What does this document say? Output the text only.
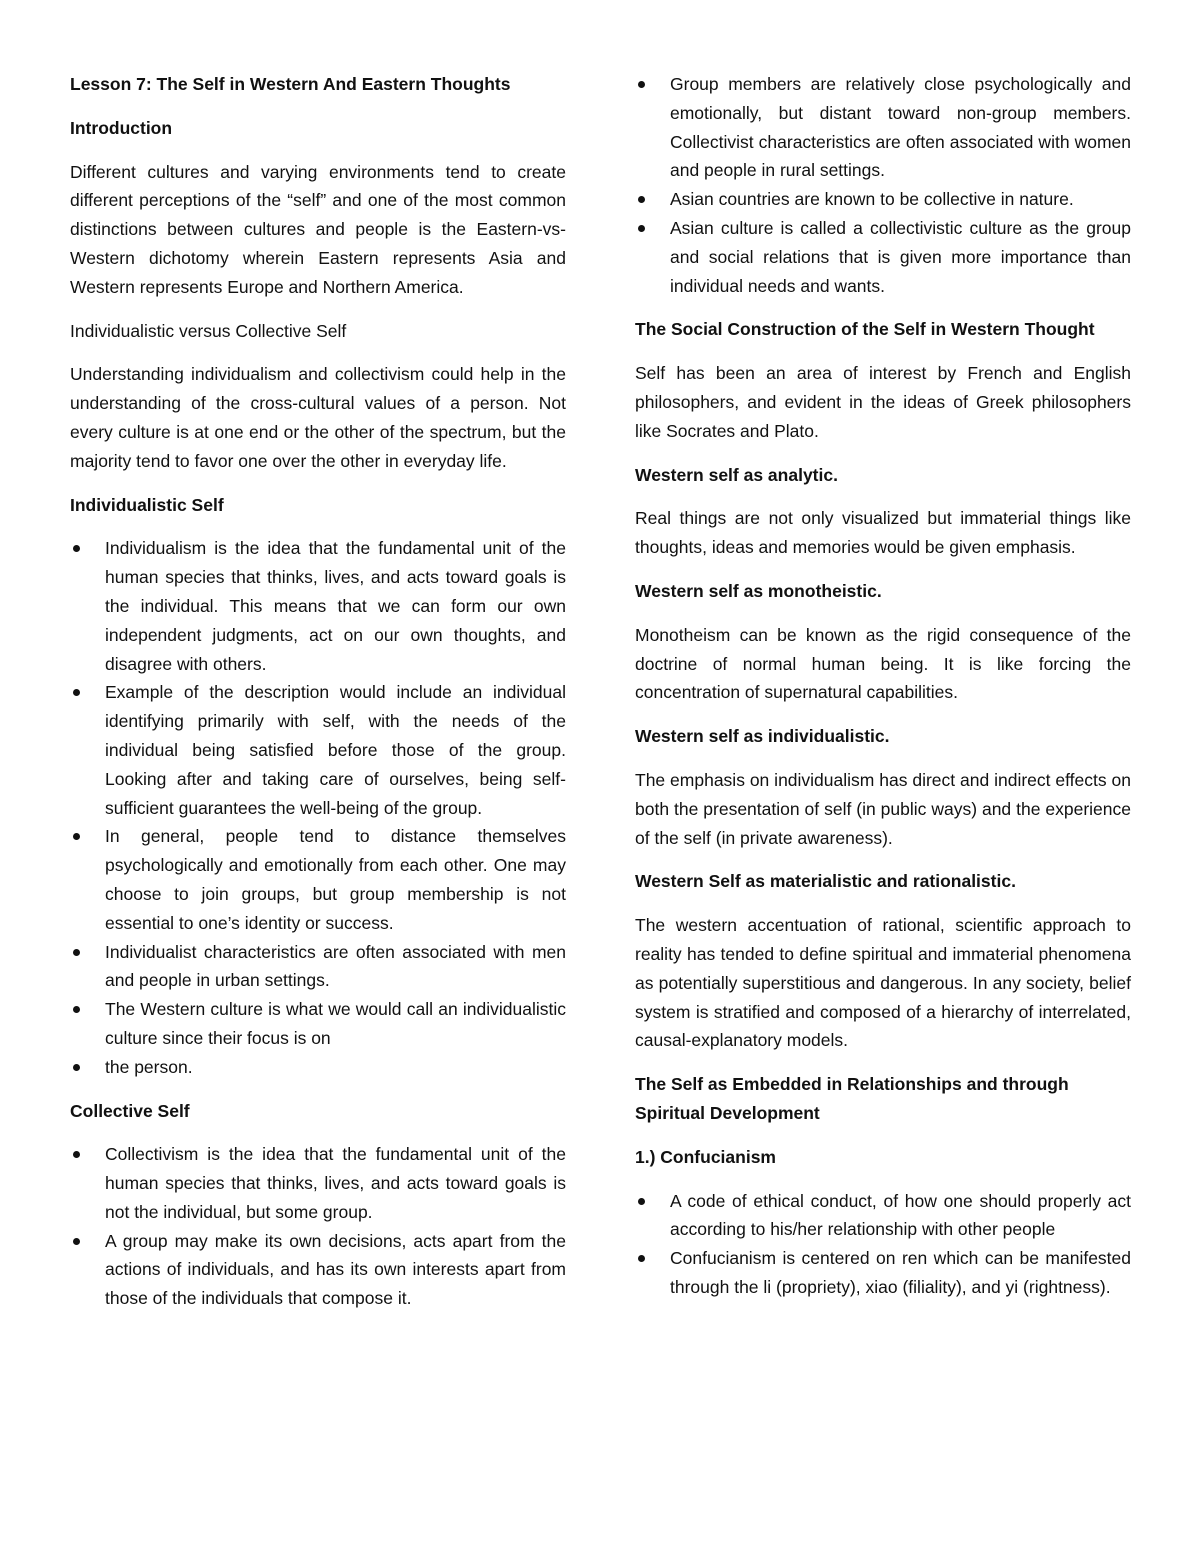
Lesson 7: The Self in Western And Eastern Thoughts

Introduction

Different cultures and varying environments tend to create different perceptions of the “self” and one of the most common distinctions between cultures and people is the Eastern-vs-Western dichotomy wherein Eastern represents Asia and Western represents Europe and Northern America.

Individualistic versus Collective Self

Understanding individualism and collectivism could help in the understanding of the cross-cultural values of a person. Not every culture is at one end or the other of the spectrum, but the majority tend to favor one over the other in everyday life.

Individualistic Self

Individualism is the idea that the fundamental unit of the human species that thinks, lives, and acts toward goals is the individual. This means that we can form our own independent judgments, act on our own thoughts, and disagree with others.
Example of the description would include an individual identifying primarily with self, with the needs of the individual being satisfied before those of the group. Looking after and taking care of ourselves, being self-sufficient guarantees the well-being of the group.
In general, people tend to distance themselves psychologically and emotionally from each other. One may choose to join groups, but group membership is not essential to one’s identity or success.
Individualist characteristics are often associated with men and people in urban settings.
The Western culture is what we would call an individualistic culture since their focus is on
the person.

Collective Self

Collectivism is the idea that the fundamental unit of the human species that thinks, lives, and acts toward goals is not the individual, but some group.
A group may make its own decisions, acts apart from the actions of individuals, and has its own interests apart from those of the individuals that compose it.
Group members are relatively close psychologically and emotionally, but distant toward non-group members. Collectivist characteristics are often associated with women and people in rural settings.
Asian countries are known to be collective in nature.
Asian culture is called a collectivistic culture as the group and social relations that is given more importance than individual needs and wants.

The Social Construction of the Self in Western Thought

Self has been an area of interest by French and English philosophers, and evident in the ideas of Greek philosophers like Socrates and Plato.

Western self as analytic.

Real things are not only visualized but immaterial things like thoughts, ideas and memories would be given emphasis.

Western self as monotheistic.

Monotheism can be known as the rigid consequence of the doctrine of normal human being. It is like forcing the concentration of supernatural capabilities.

Western self as individualistic.

The emphasis on individualism has direct and indirect effects on both the presentation of self (in public ways) and the experience of the self (in private awareness).

Western Self as materialistic and rationalistic.

The western accentuation of rational, scientific approach to reality has tended to define spiritual and immaterial phenomena as potentially superstitious and dangerous. In any society, belief system is stratified and composed of a hierarchy of interrelated, causal-explanatory models.

The Self as Embedded in Relationships and through Spiritual Development

1.) Confucianism

A code of ethical conduct, of how one should properly act according to his/her relationship with other people
Confucianism is centered on ren which can be manifested through the li (propriety), xiao (filiality), and yi (rightness).
